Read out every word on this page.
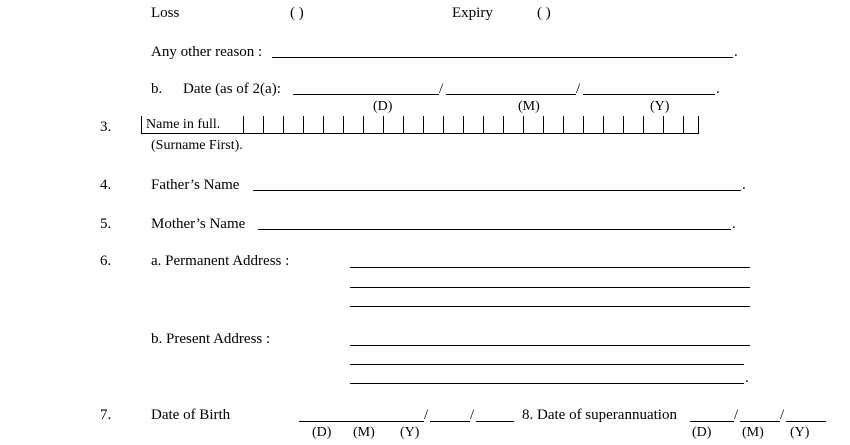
Loss	( )	Expiry	( )
Any other reason :	.
b. Date (as of 2(a):	/	/	.
(D)	(M)	(Y)
3. Name in full.
(Surname First).
4.	Father’s Name	.
5.	Mother’s Name	.
6.	a. Permanent Address :
b. Present Address :
.
7.	Date of Birth	/	/
(D) (M) (Y)
8. Date of superannuation	/	/
(D) (M) (Y)
